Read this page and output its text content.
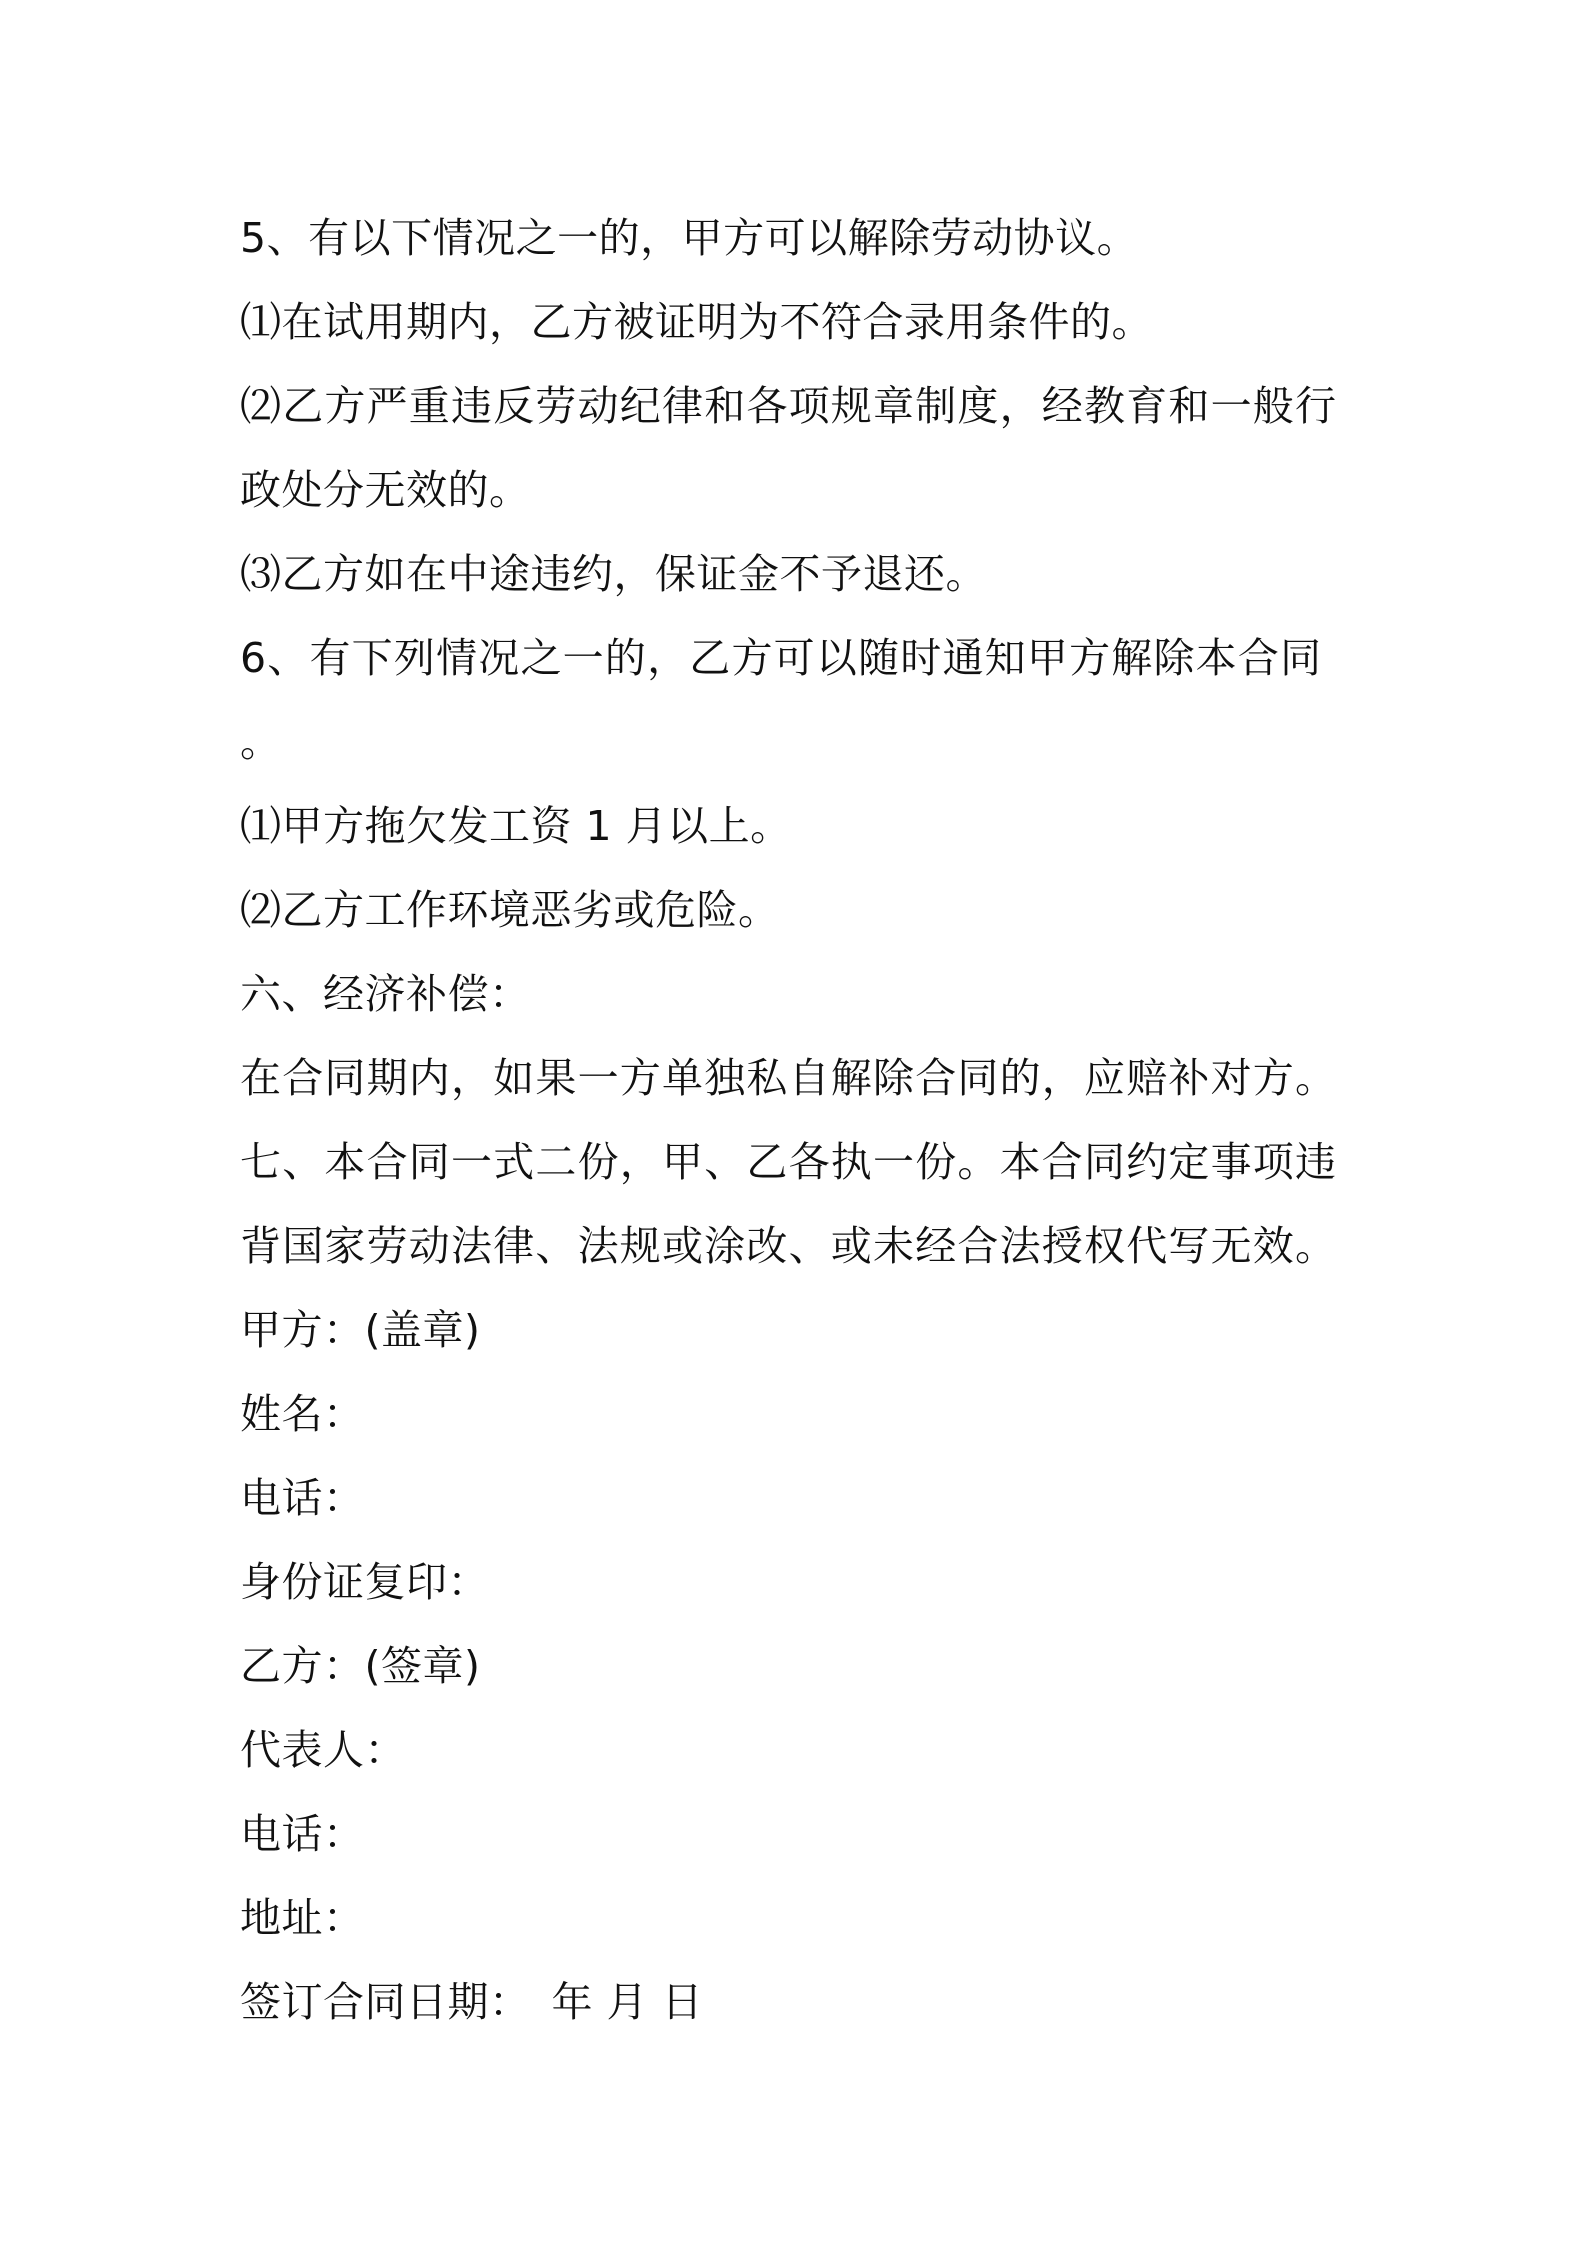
5、有以下情况之一的，甲方可以解除劳动协议。
⑴在试用期内，乙方被证明为不符合录用条件的。
⑵乙方严重违反劳动纪律和各项规章制度，经教育和一般行
政处分无效的。
⑶乙方如在中途违约，保证金不予退还。
6、有下列情况之一的，乙方可以随时通知甲方解除本合同
。
⑴甲方拖欠发工资 1 月以上。
⑵乙方工作环境恶劣或危险。
六、经济补偿：
在合同期内，如果一方单独私自解除合同的，应赔补对方。
七、本合同一式二份，甲、乙各执一份。本合同约定事项违
背国家劳动法律、法规或涂改、或未经合法授权代写无效。
甲方：(盖章)
姓名：
电话：
身份证复印：
乙方：(签章)
代表人：
电话：
地址：
签订合同日期：　年 月 日
